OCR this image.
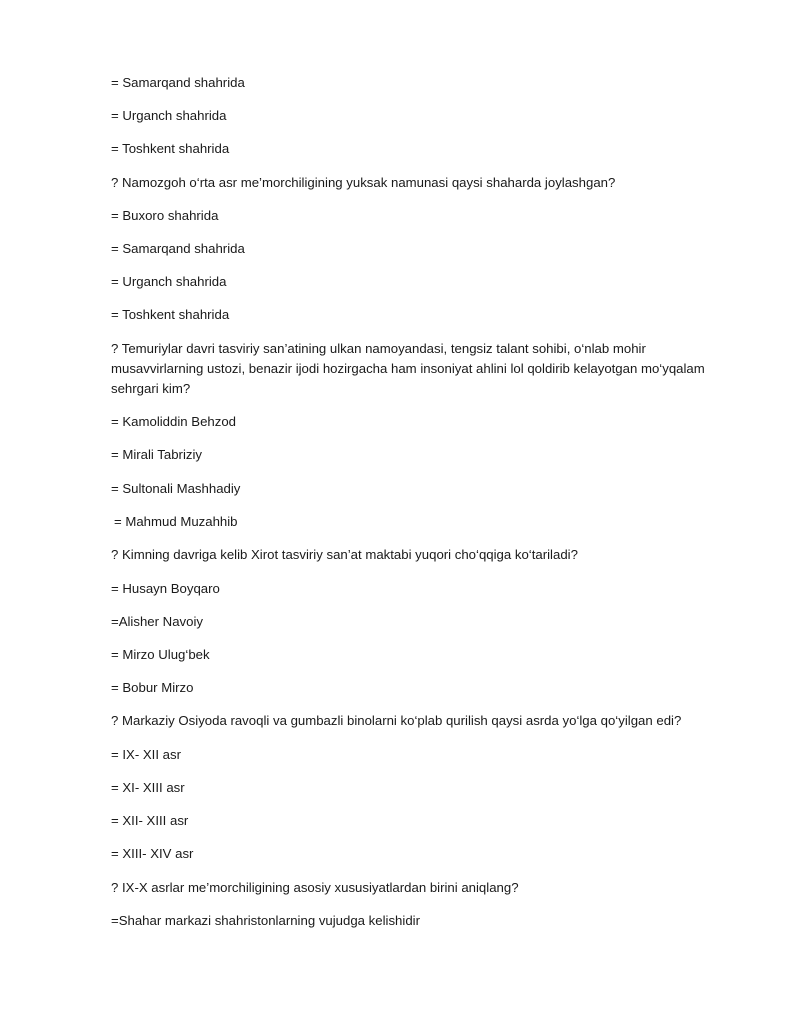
= Samarqand shahrida

= Urganch shahrida

= Toshkent shahrida

? Namozgoh o‘rta asr me’morchiligining yuksak namunasi qaysi shaharda joylashgan?

= Buxoro shahrida

= Samarqand shahrida

= Urganch shahrida

= Toshkent shahrida

? Temuriylar davri tasviriy san’atining ulkan namoyandasi, tengsiz talant sohibi, o‘nlab mohir
musavvirlarning ustozi, benazir ijodi hozirgacha ham insoniyat ahlini lol qoldirib kelayotgan mo‘yqalam
sehrgari kim?

= Kamoliddin Behzod

= Mirali Tabriziy

= Sultonali Mashhadiy

= Mahmud Muzahhib

? Kimning davriga kelib Xirot tasviriy san’at maktabi yuqori cho‘qqiga ko‘tariladi?

= Husayn Boyqaro

=Alisher Navoiy

= Mirzo Ulug‘bek

= Bobur Mirzo

? Markaziy Osiyoda ravoqli va gumbazli binolarni ko‘plab qurilish qaysi asrda yo‘lga qo‘yilgan edi?

= IX- XII asr

= XI- XIII asr

= XII- XIII asr

= XIII- XIV asr

? IX-X asrlar me’morchiligining asosiy xususiyatlardan birini aniqlang?

=Shahar markazi shahristonlarning vujudga kelishidir
